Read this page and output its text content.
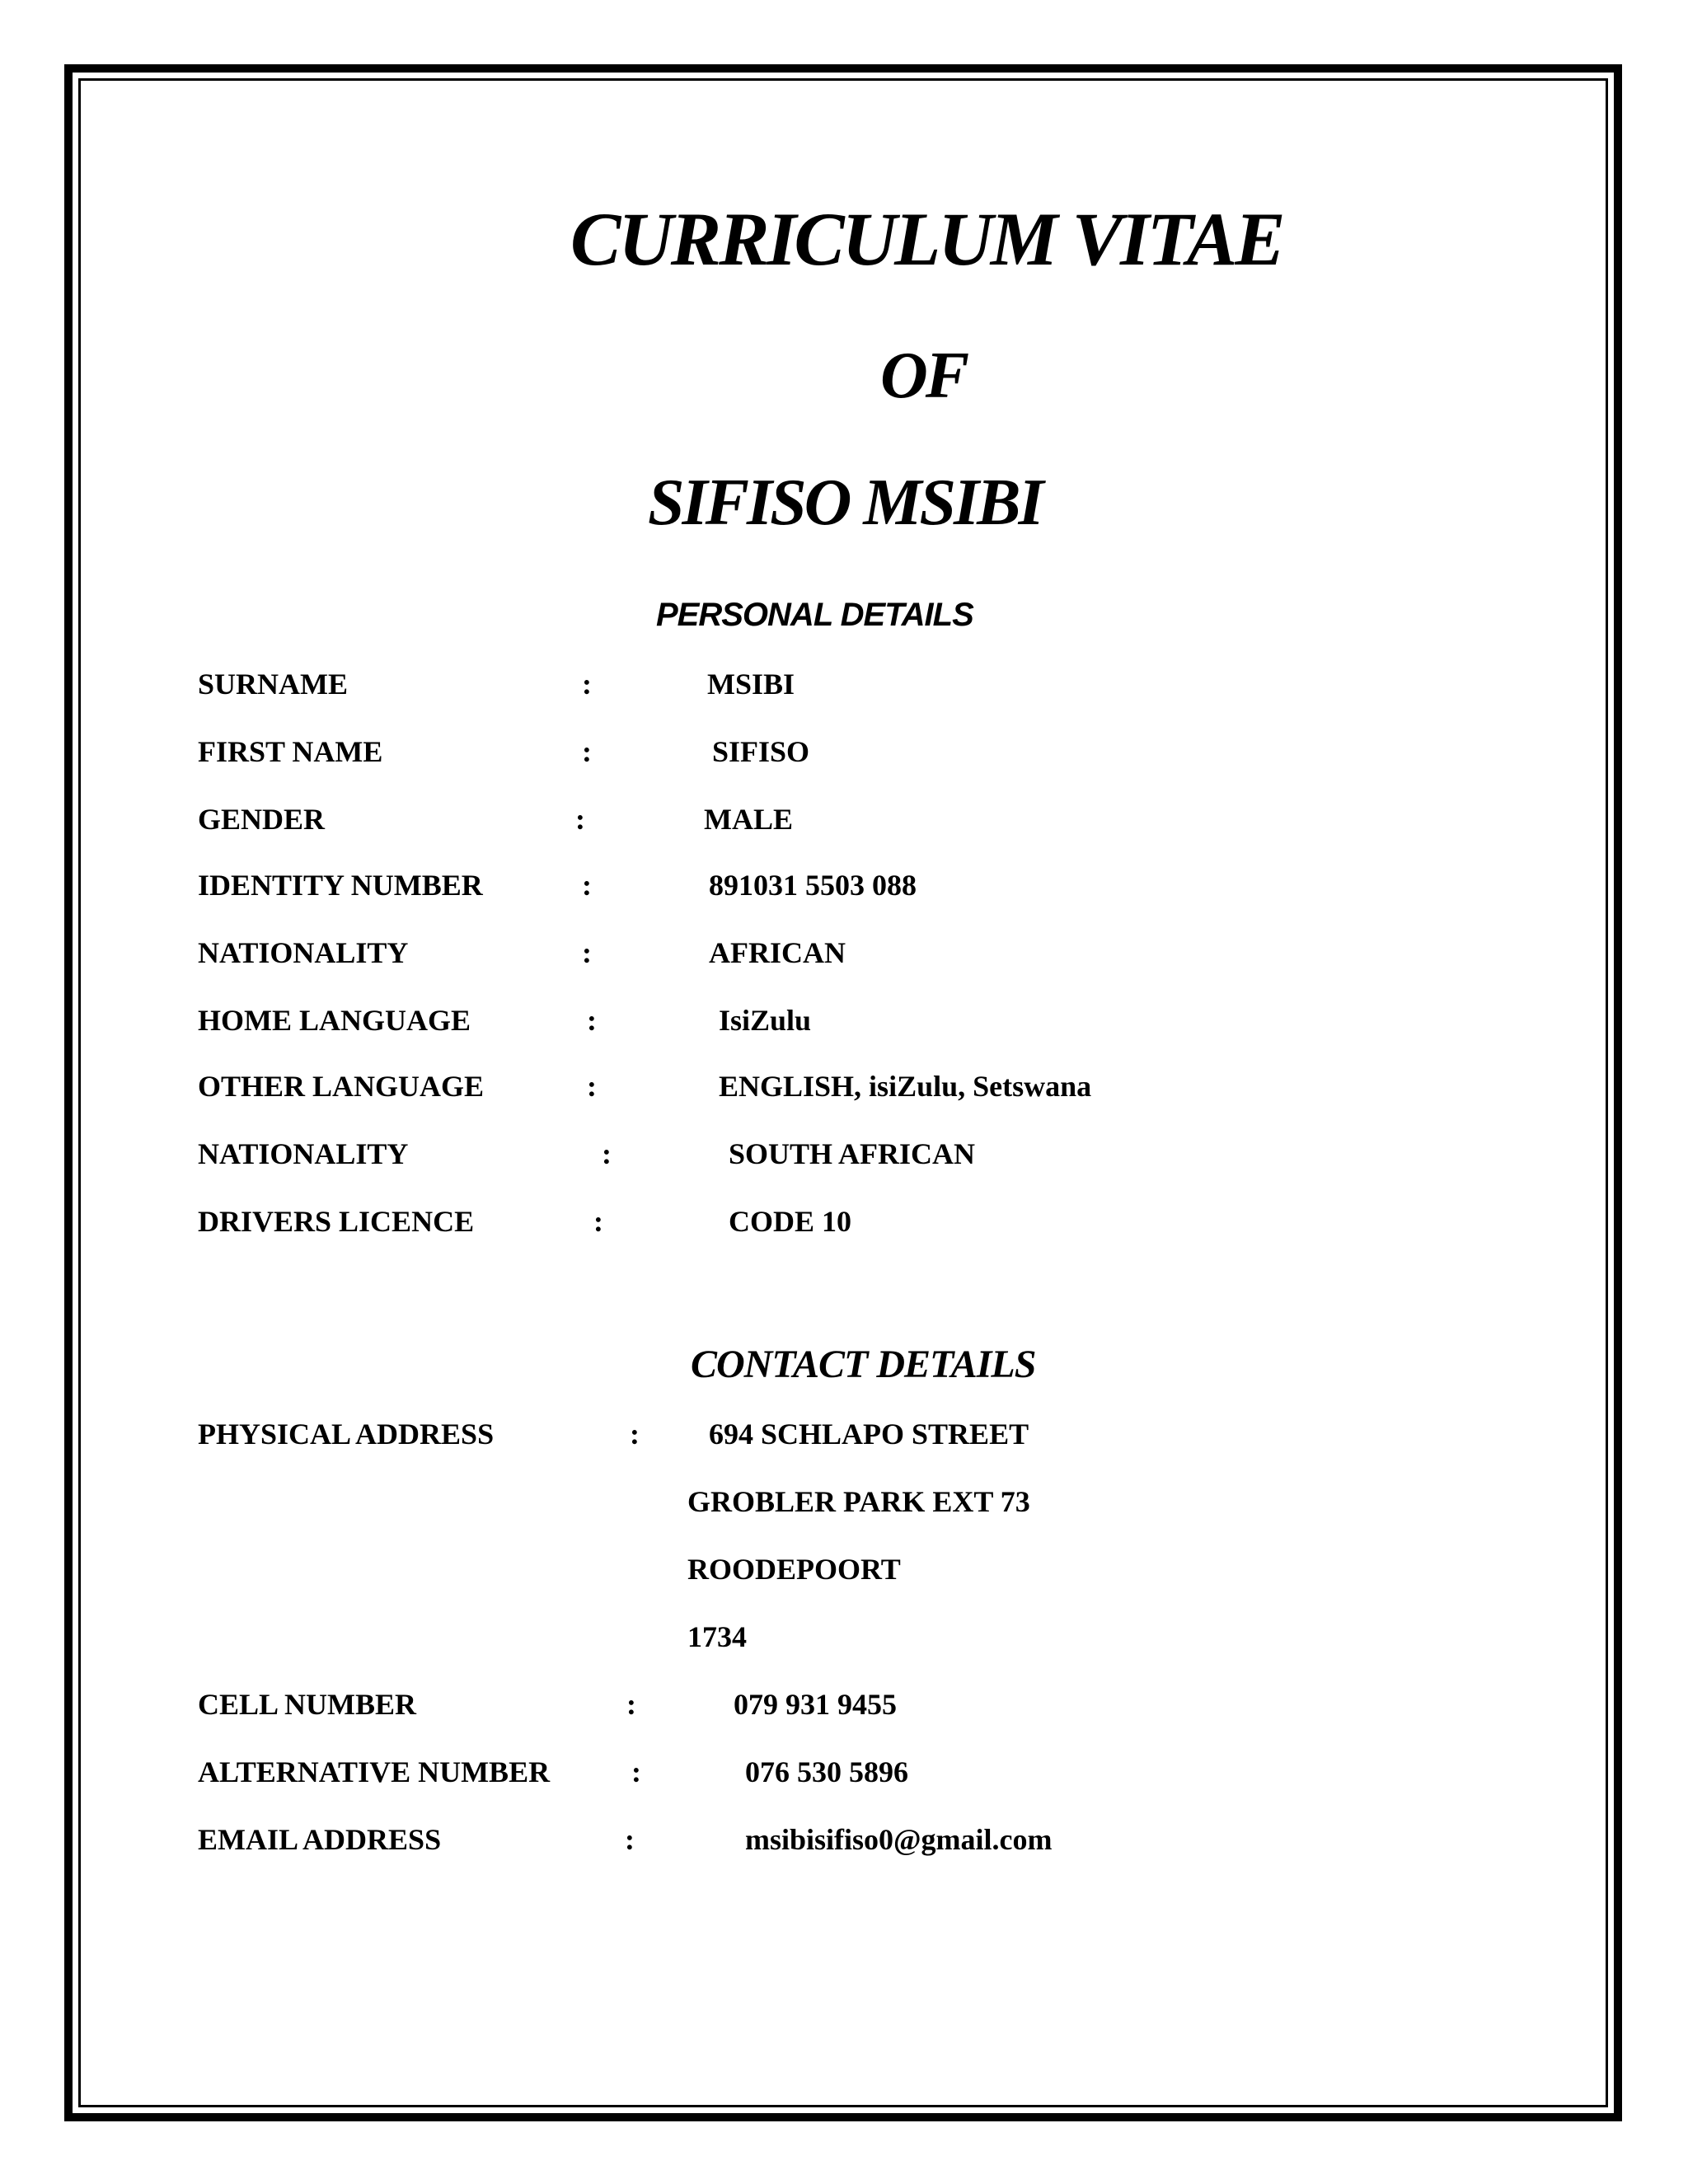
CURRICULUM VITAE
OF
SIFISO MSIBI
PERSONAL DETAILS
SURNAME	:	MSIBI
FIRST NAME	:	SIFISO
GENDER	:	MALE
IDENTITY NUMBER	:	891031 5503 088
NATIONALITY	:	AFRICAN
HOME LANGUAGE	:	IsiZulu
OTHER LANGUAGE	:	ENGLISH, isiZulu, Setswana
NATIONALITY	:	SOUTH AFRICAN
DRIVERS LICENCE	:	CODE 10
CONTACT DETAILS
PHYSICAL ADDRESS	: 694 SCHLAPO STREET
GROBLER PARK EXT 73
ROODEPOORT
1734
CELL NUMBER	:	079 931 9455
ALTERNATIVE NUMBER	:	076 530 5896
EMAIL ADDRESS	:	msibisifiso0@gmail.com
